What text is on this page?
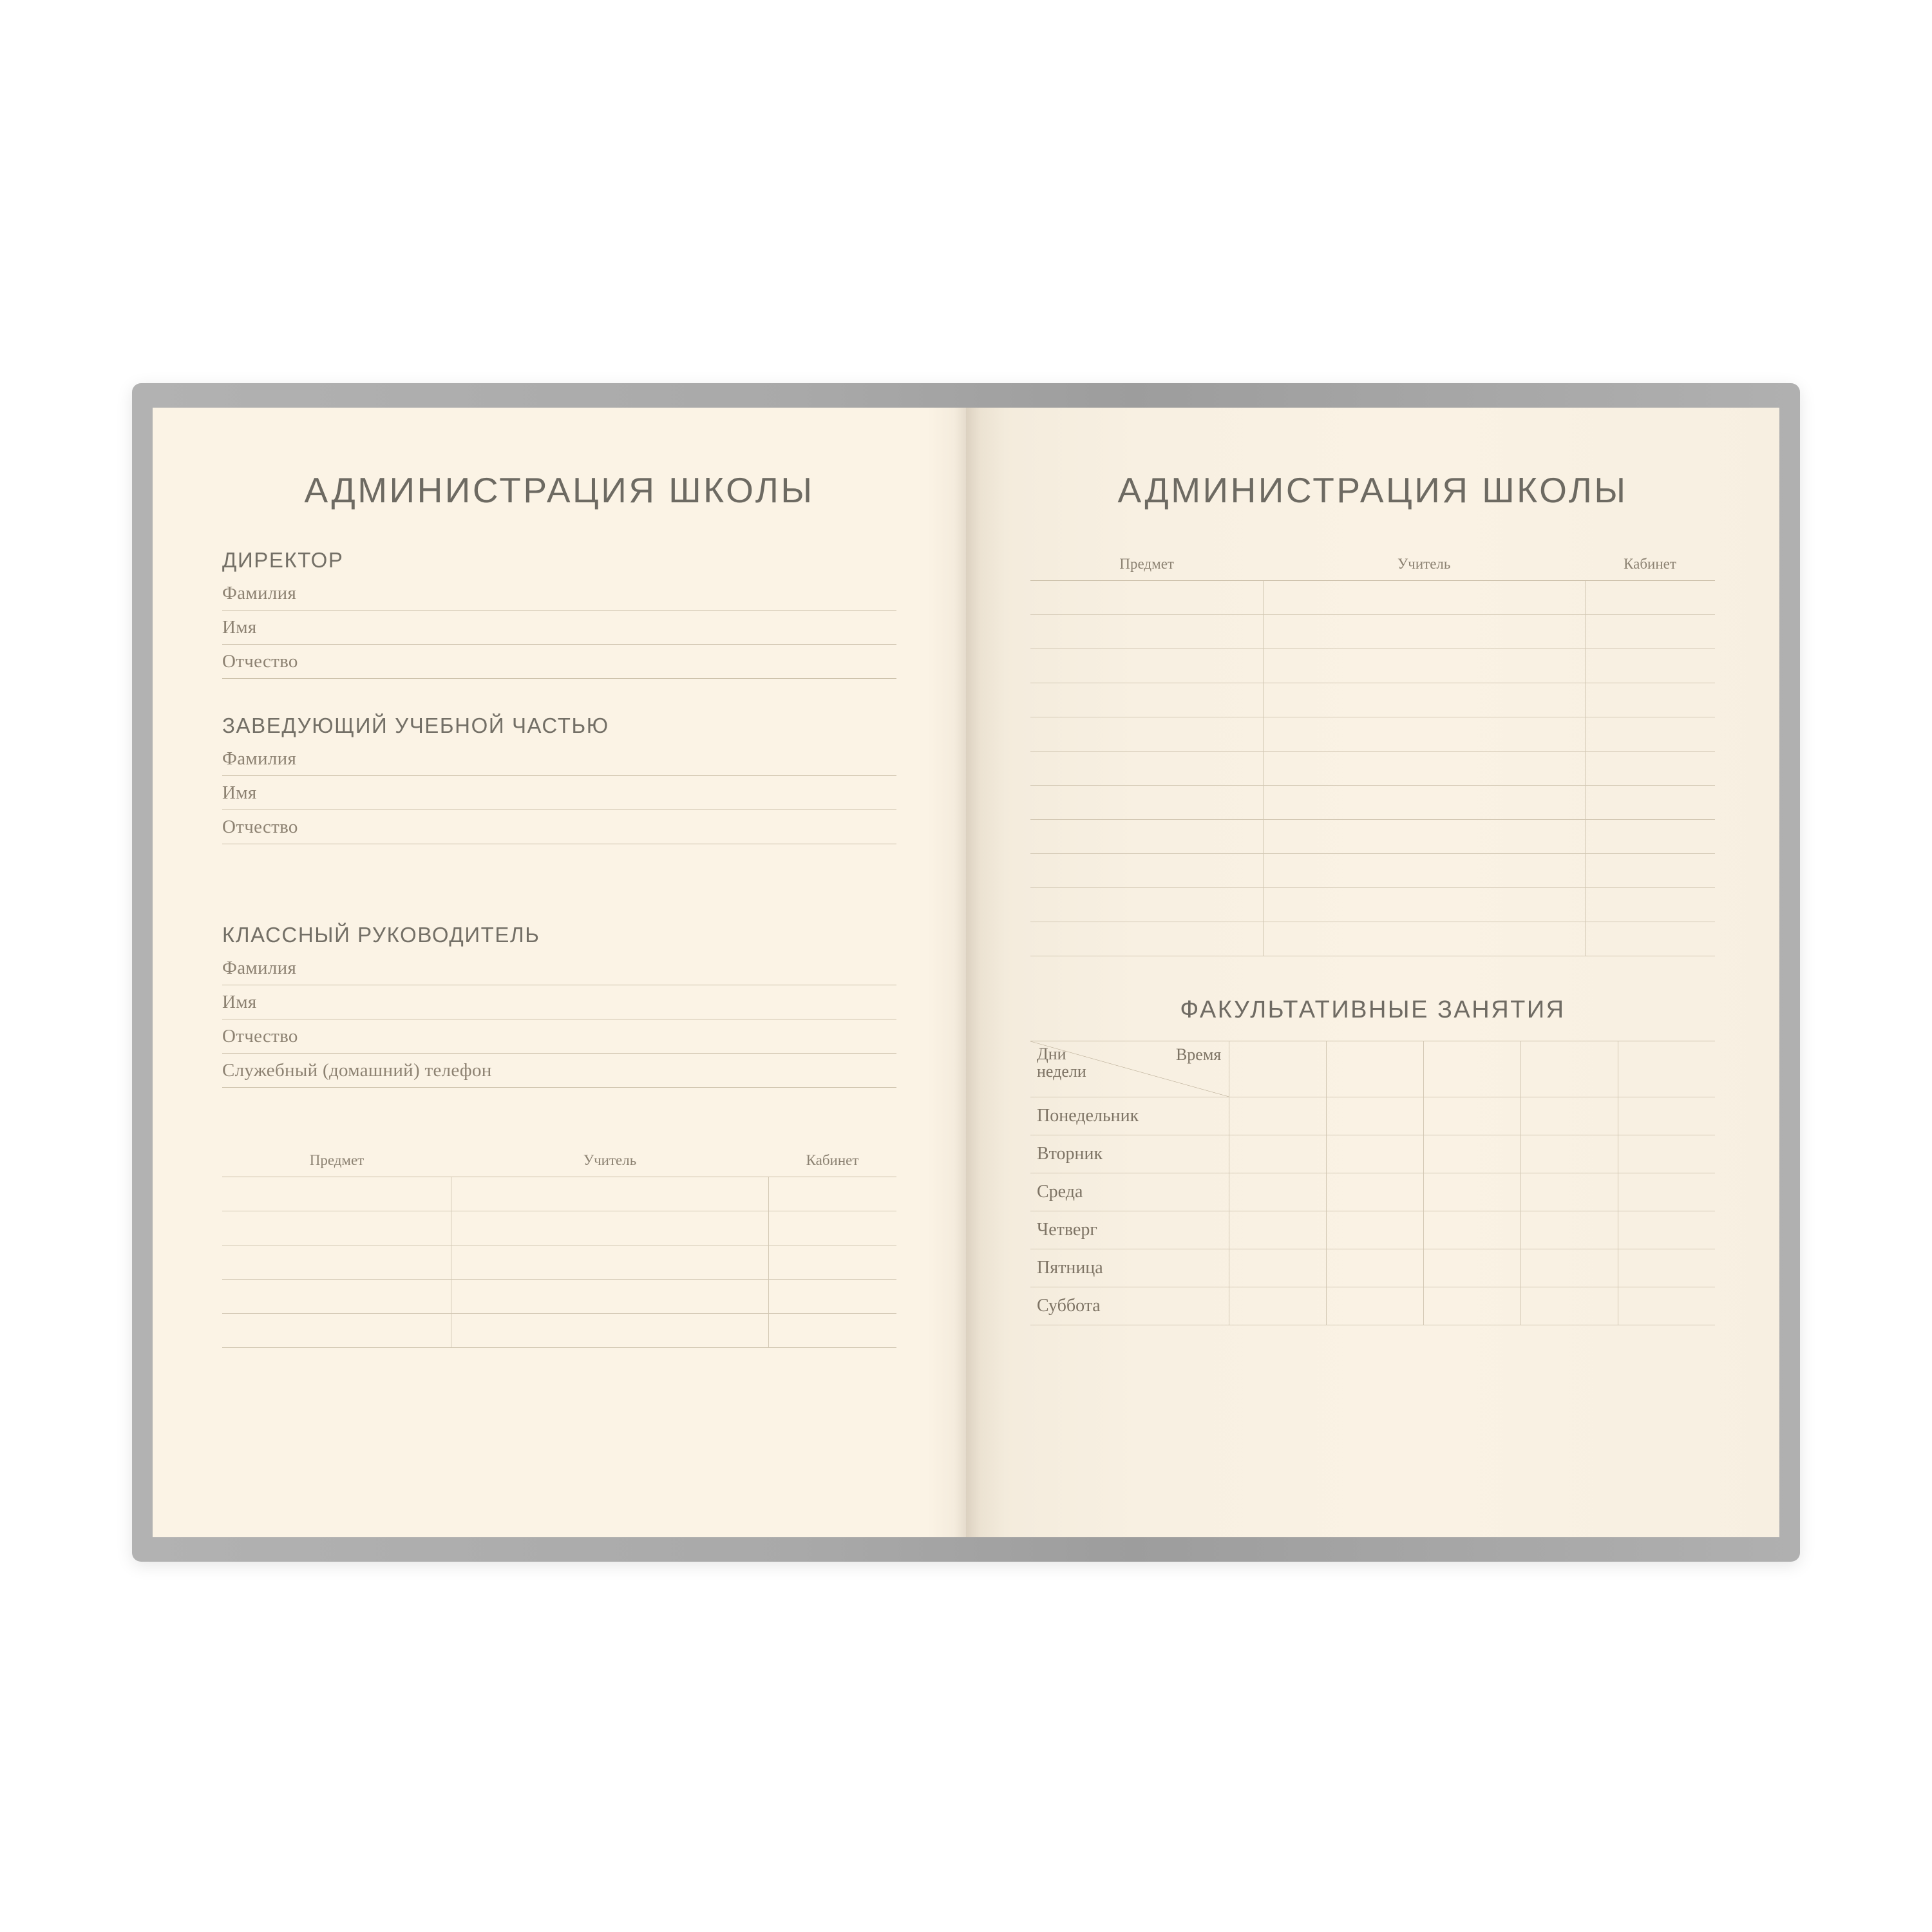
АДМИНИСТРАЦИЯ ШКОЛЫ
ДИРЕКТОР
Фамилия
Имя
Отчество
ЗАВЕДУЮЩИЙ УЧЕБНОЙ ЧАСТЬЮ
Фамилия
Имя
Отчество
КЛАССНЫЙ РУКОВОДИТЕЛЬ
Фамилия
Имя
Отчество
Служебный (домашний) телефон
Предмет	Учитель	Кабинет

АДМИНИСТРАЦИЯ ШКОЛЫ
Предмет	Учитель	Кабинет

ФАКУЛЬТАТИВНЫЕ ЗАНЯТИЯ
Дни недели
Время					

Понедельник					
Вторник					
Среда					
Четверг					
Пятница					
Суббота					
